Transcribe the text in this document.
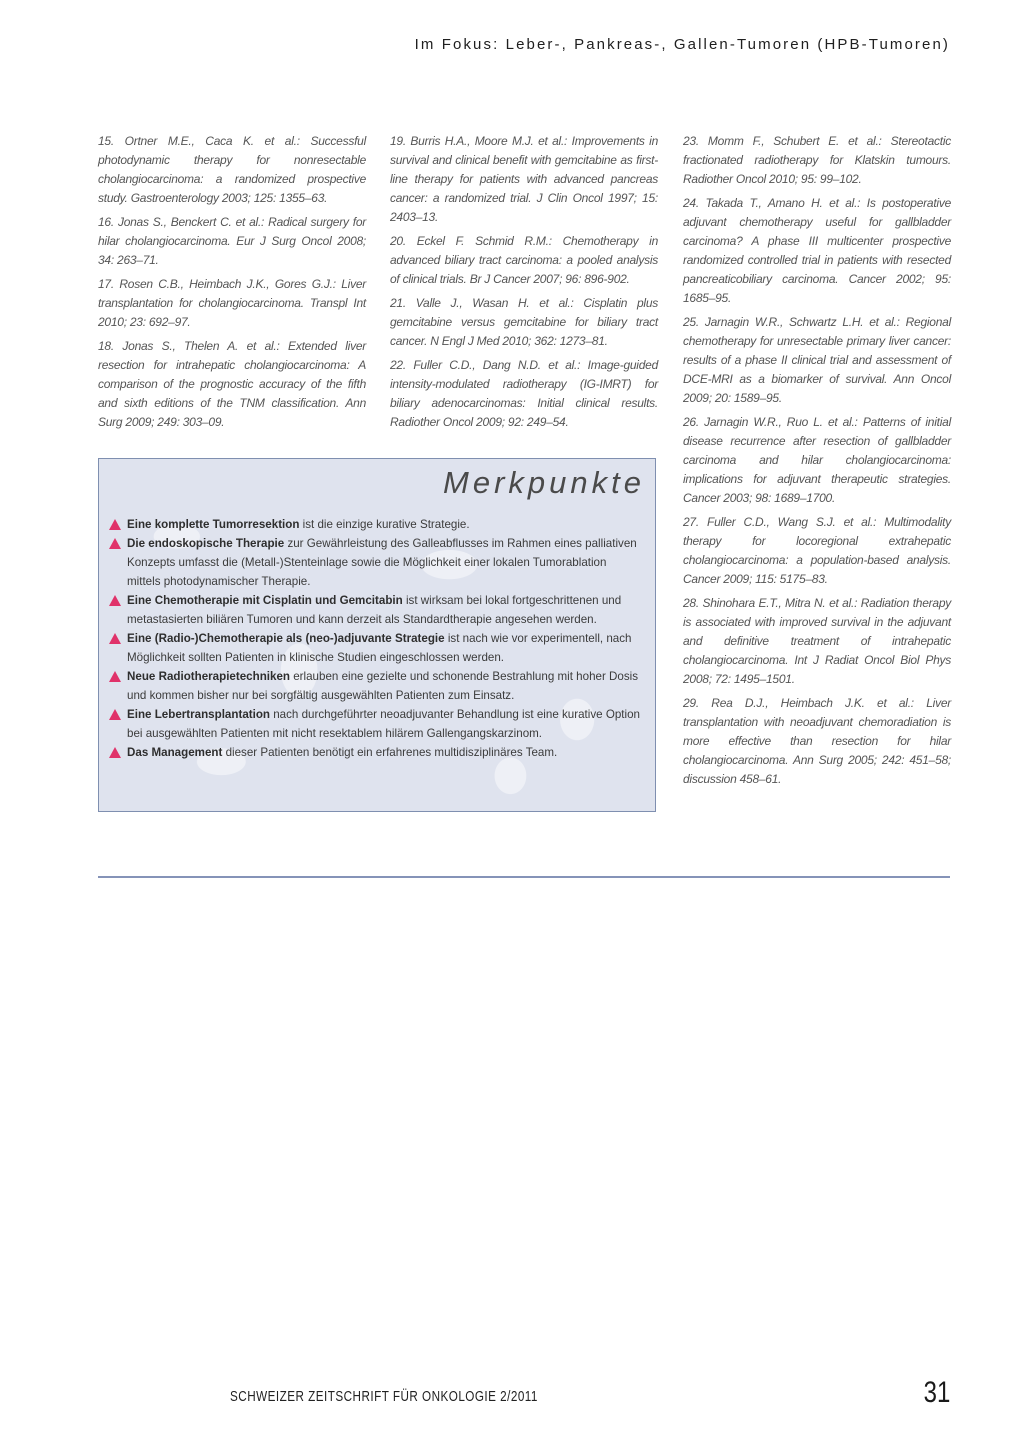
Im Fokus: Leber-, Pankreas-, Gallen-Tumoren (HPB-Tumoren)

15. Ortner M.E., Caca K. et al.: Successful photodynamic therapy for nonresectable cholangiocarcinoma: a randomized prospective study. Gastroenterology 2003; 125: 1355–63.

16. Jonas S., Benckert C. et al.: Radical surgery for hilar cholangiocarcinoma. Eur J Surg Oncol 2008; 34: 263–71.

17. Rosen C.B., Heimbach J.K., Gores G.J.: Liver transplantation for cholangiocarcinoma. Transpl Int 2010; 23: 692–97.

18. Jonas S., Thelen A. et al.: Extended liver resection for intrahepatic cholangiocarcinoma: A comparison of the prognostic accuracy of the fifth and sixth editions of the TNM classification. Ann Surg 2009; 249: 303–09.

19. Burris H.A., Moore M.J. et al.: Improvements in survival and clinical benefit with gemcitabine as first-line therapy for patients with advanced pancreas cancer: a randomized trial. J Clin Oncol 1997; 15: 2403–13.

20. Eckel F. Schmid R.M.: Chemotherapy in advanced biliary tract carcinoma: a pooled analysis of clinical trials. Br J Cancer 2007; 96: 896-902.

21. Valle J., Wasan H. et al.: Cisplatin plus gemcitabine versus gemcitabine for biliary tract cancer. N Engl J Med 2010; 362: 1273–81.

22. Fuller C.D., Dang N.D. et al.: Image-guided intensity-modulated radiotherapy (IG-IMRT) for biliary adenocarcinomas: Initial clinical results. Radiother Oncol 2009; 92: 249–54.

23. Momm F., Schubert E. et al.: Stereotactic fractionated radiotherapy for Klatskin tumours. Radiother Oncol 2010; 95: 99–102.

24. Takada T., Amano H. et al.: Is postoperative adjuvant chemotherapy useful for gallbladder carcinoma? A phase III multicenter prospective randomized controlled trial in patients with resected pancreaticobiliary carcinoma. Cancer 2002; 95: 1685–95.

25. Jarnagin W.R., Schwartz L.H. et al.: Regional chemotherapy for unresectable primary liver cancer: results of a phase II clinical trial and assessment of DCE-MRI as a biomarker of survival. Ann Oncol 2009; 20: 1589–95.

26. Jarnagin W.R., Ruo L. et al.: Patterns of initial disease recurrence after resection of gallbladder carcinoma and hilar cholangiocarcinoma: implications for adjuvant therapeutic strategies. Cancer 2003; 98: 1689–1700.

27. Fuller C.D., Wang S.J. et al.: Multimodality therapy for locoregional extrahepatic cholangiocarcinoma: a population-based analysis. Cancer 2009; 115: 5175–83.

28. Shinohara E.T., Mitra N. et al.: Radiation therapy is associated with improved survival in the adjuvant and definitive treatment of intrahepatic cholangiocarcinoma. Int J Radiat Oncol Biol Phys 2008; 72: 1495–1501.

29. Rea D.J., Heimbach J.K. et al.: Liver transplantation with neoadjuvant chemoradiation is more effective than resection for hilar cholangiocarcinoma. Ann Surg 2005; 242: 451–58; discussion 458–61.

Merkpunkte

Eine komplette Tumorresektion ist die einzige kurative Strategie.

Die endoskopische Therapie zur Gewährleistung des Galleabflusses im Rahmen eines palliativen Konzepts umfasst die (Metall-)Stenteinlage sowie die Möglichkeit einer lokalen Tumorablation mittels photodynamischer Therapie.

Eine Chemotherapie mit Cisplatin und Gemcitabin ist wirksam bei lokal fortgeschrittenen und metastasierten biliären Tumoren und kann derzeit als Standardtherapie angesehen werden.

Eine (Radio-)Chemotherapie als (neo-)adjuvante Strategie ist nach wie vor experimentell, nach Möglichkeit sollten Patienten in klinische Studien eingeschlossen werden.

Neue Radiotherapietechniken erlauben eine gezielte und schonende Bestrahlung mit hoher Dosis und kommen bisher nur bei sorgfältig ausgewählten Patienten zum Einsatz.

Eine Lebertransplantation nach durchgeführter neoadjuvanter Behandlung ist eine kurative Option bei ausgewählten Patienten mit nicht resektablem hilärem Gallengangskarzinom.

Das Management dieser Patienten benötigt ein erfahrenes multidisziplinäres Team.

SCHWEIZER ZEITSCHRIFT FÜR ONKOLOGIE 2/2011	31
